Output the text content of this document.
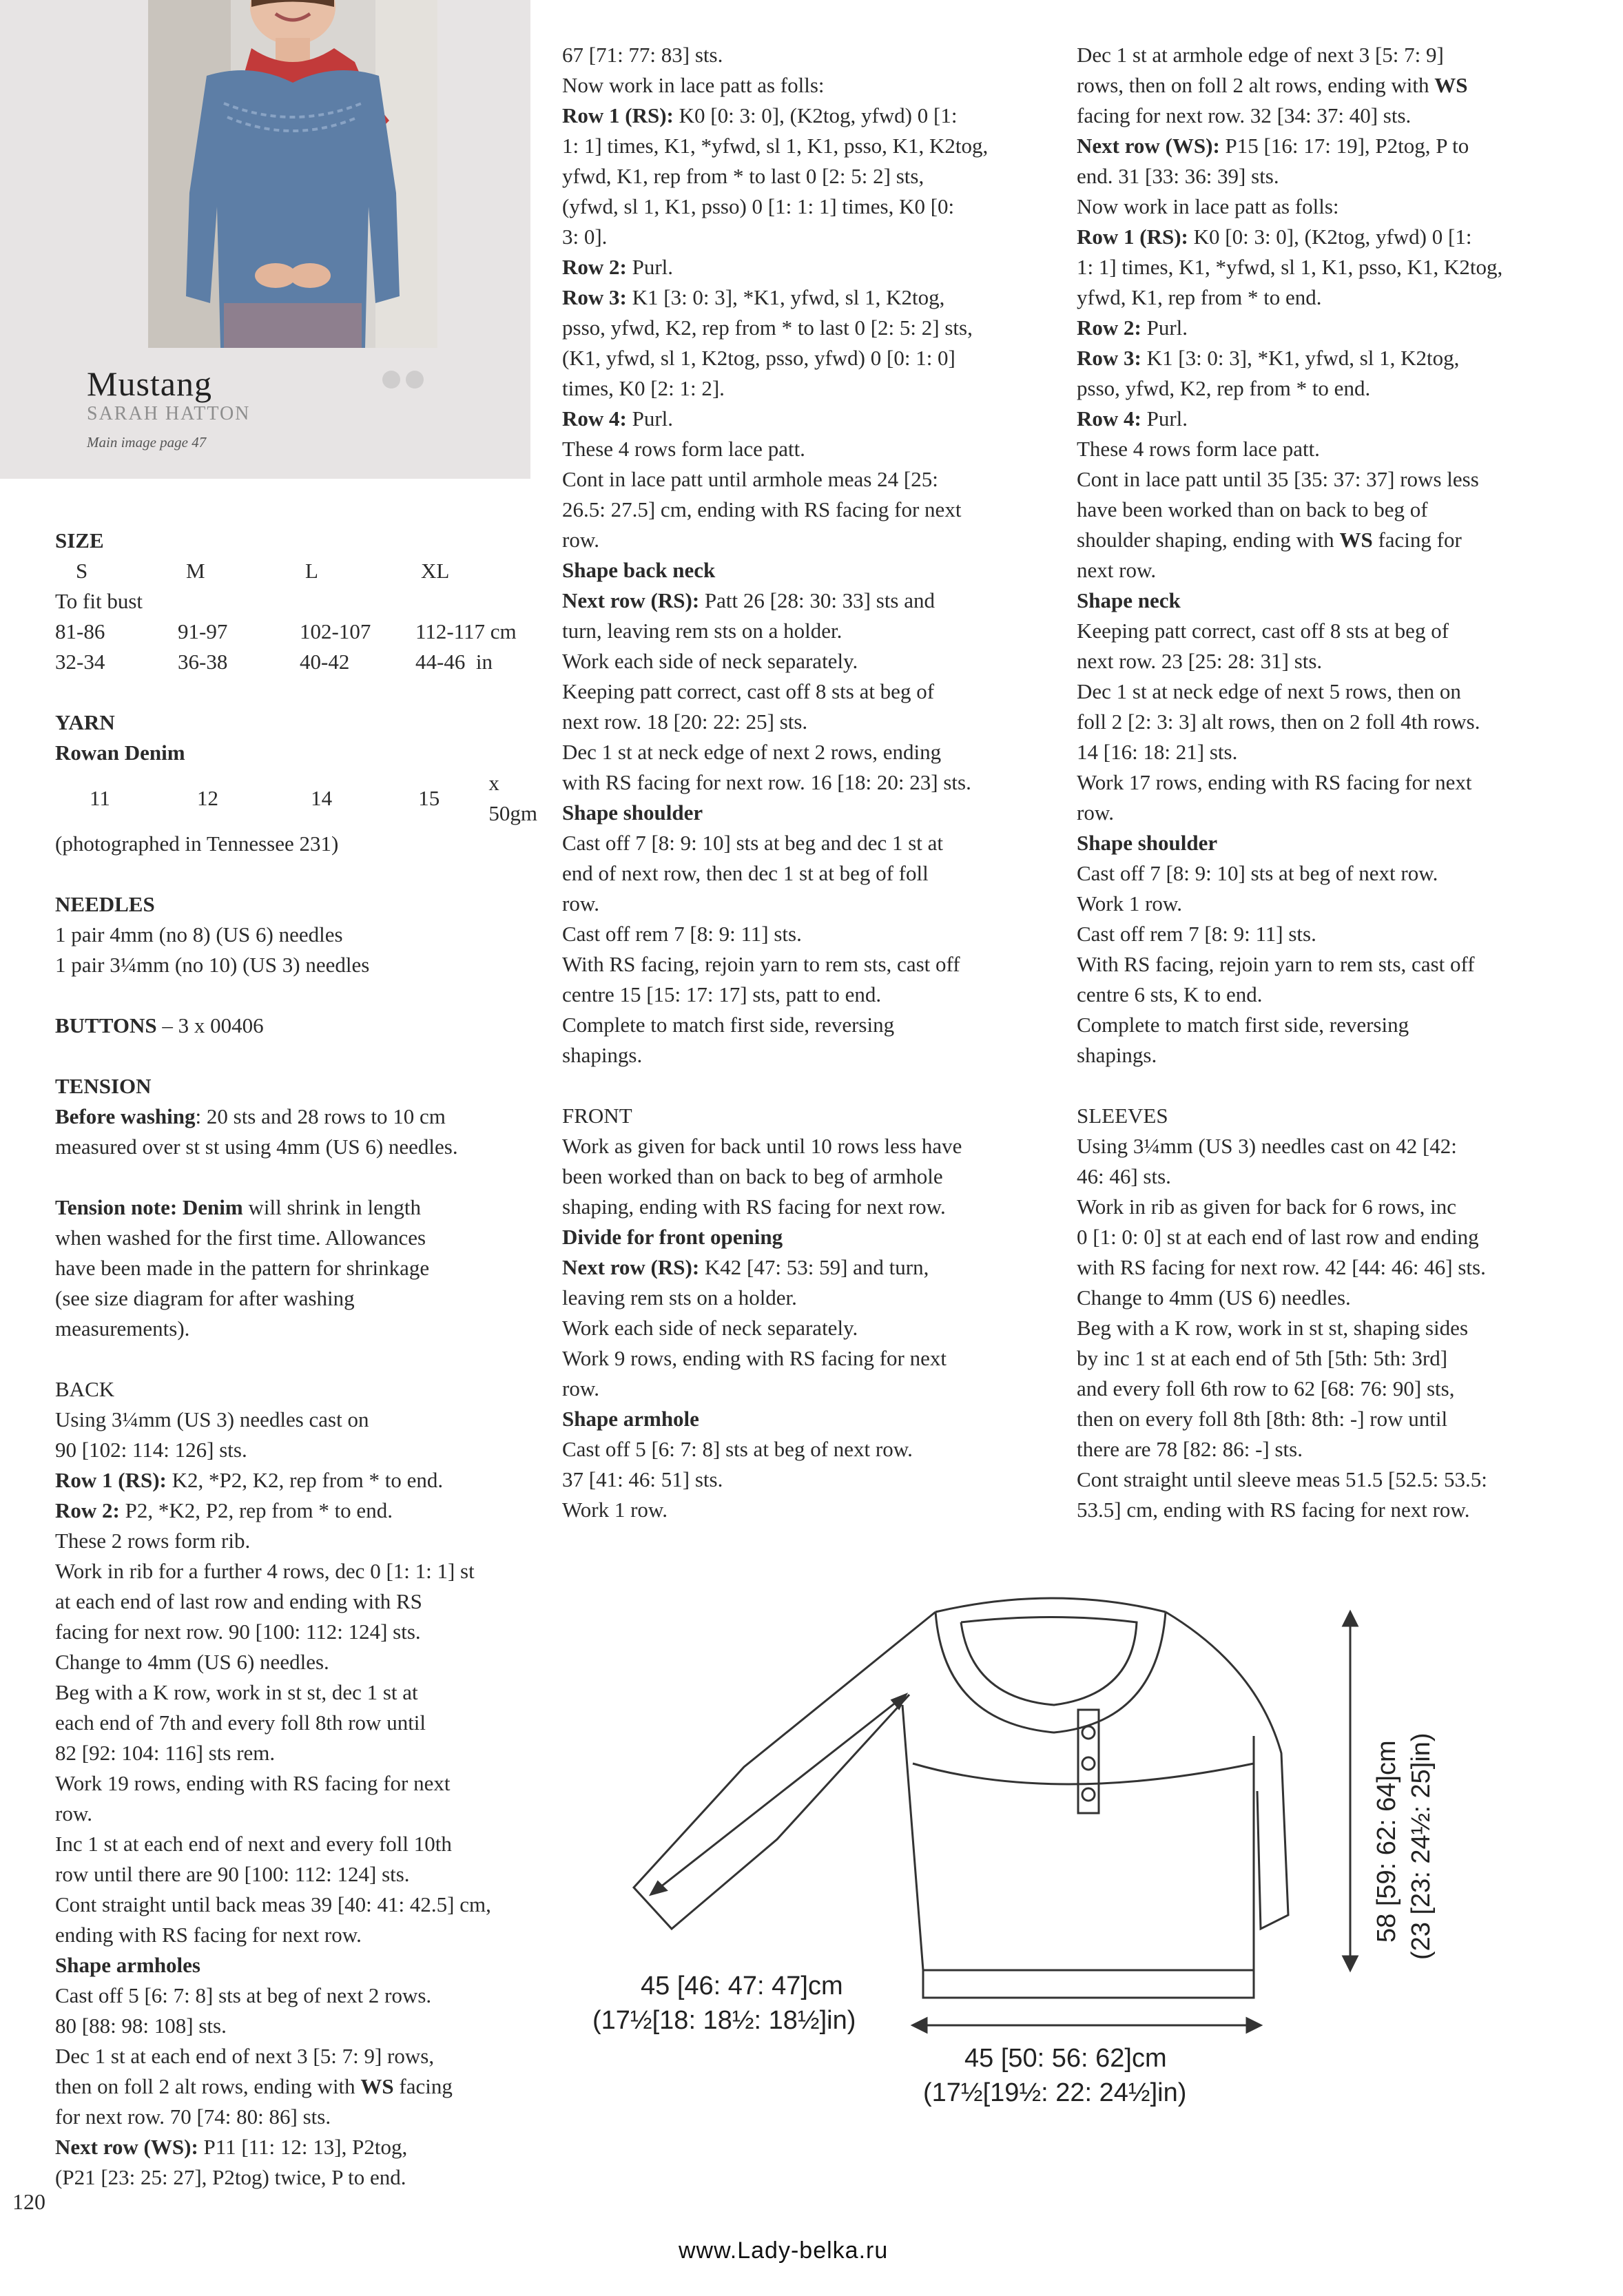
Mustang
SARAH HATTON
Main image page 47

SIZE

S	M	L	XL
To fit bust			
81-86	91-97	102-107	112-117 cm
32-34	36-38	40-42	44-46 in

YARN

Rowan Denim

11	12	14	15	x 50gm

(photographed in Tennessee 231)

NEEDLES

1 pair 4mm (no 8) (US 6) needles

1 pair 3¼mm (no 10) (US 3) needles

BUTTONS – 3 x 00406

TENSION

Before washing: 20 sts and 28 rows to 10 cm

measured over st st using 4mm (US 6) needles.

Tension note: Denim will shrink in length

when washed for the first time. Allowances

have been made in the pattern for shrinkage

(see size diagram for after washing

measurements).

BACK

Using 3¼mm (US 3) needles cast on

90 [102: 114: 126] sts.

Row 1 (RS): K2, *P2, K2, rep from * to end.

Row 2: P2, *K2, P2, rep from * to end.

These 2 rows form rib.

Work in rib for a further 4 rows, dec 0 [1: 1: 1] st

at each end of last row and ending with RS

facing for next row. 90 [100: 112: 124] sts.

Change to 4mm (US 6) needles.

Beg with a K row, work in st st, dec 1 st at

each end of 7th and every foll 8th row until

82 [92: 104: 116] sts rem.

Work 19 rows, ending with RS facing for next

row.

Inc 1 st at each end of next and every foll 10th

row until there are 90 [100: 112: 124] sts.

Cont straight until back meas 39 [40: 41: 42.5] cm,

ending with RS facing for next row.

Shape armholes

Cast off 5 [6: 7: 8] sts at beg of next 2 rows.

80 [88: 98: 108] sts.

Dec 1 st at each end of next 3 [5: 7: 9] rows,

then on foll 2 alt rows, ending with WS facing

for next row. 70 [74: 80: 86] sts.

Next row (WS): P11 [11: 12: 13], P2tog,

(P21 [23: 25: 27], P2tog) twice, P to end.

67 [71: 77: 83] sts.

Now work in lace patt as folls:

Row 1 (RS): K0 [0: 3: 0], (K2tog, yfwd) 0 [1:

1: 1] times, K1, *yfwd, sl 1, K1, psso, K1, K2tog,

yfwd, K1, rep from * to last 0 [2: 5: 2] sts,

(yfwd, sl 1, K1, psso) 0 [1: 1: 1] times, K0 [0:

3: 0].

Row 2: Purl.

Row 3: K1 [3: 0: 3], *K1, yfwd, sl 1, K2tog,

psso, yfwd, K2, rep from * to last 0 [2: 5: 2] sts,

(K1, yfwd, sl 1, K2tog, psso, yfwd) 0 [0: 1: 0]

times, K0 [2: 1: 2].

Row 4: Purl.

These 4 rows form lace patt.

Cont in lace patt until armhole meas 24 [25:

26.5: 27.5] cm, ending with RS facing for next

row.

Shape back neck

Next row (RS): Patt 26 [28: 30: 33] sts and

turn, leaving rem sts on a holder.

Work each side of neck separately.

Keeping patt correct, cast off 8 sts at beg of

next row. 18 [20: 22: 25] sts.

Dec 1 st at neck edge of next 2 rows, ending

with RS facing for next row. 16 [18: 20: 23] sts.

Shape shoulder

Cast off 7 [8: 9: 10] sts at beg and dec 1 st at

end of next row, then dec 1 st at beg of foll

row.

Cast off rem 7 [8: 9: 11] sts.

With RS facing, rejoin yarn to rem sts, cast off

centre 15 [15: 17: 17] sts, patt to end.

Complete to match first side, reversing

shapings.

FRONT

Work as given for back until 10 rows less have

been worked than on back to beg of armhole

shaping, ending with RS facing for next row.

Divide for front opening

Next row (RS): K42 [47: 53: 59] and turn,

leaving rem sts on a holder.

Work each side of neck separately.

Work 9 rows, ending with RS facing for next

row.

Shape armhole

Cast off 5 [6: 7: 8] sts at beg of next row.

37 [41: 46: 51] sts.

Work 1 row.

Dec 1 st at armhole edge of next 3 [5: 7: 9]

rows, then on foll 2 alt rows, ending with WS

facing for next row. 32 [34: 37: 40] sts.

Next row (WS): P15 [16: 17: 19], P2tog, P to

end. 31 [33: 36: 39] sts.

Now work in lace patt as folls:

Row 1 (RS): K0 [0: 3: 0], (K2tog, yfwd) 0 [1:

1: 1] times, K1, *yfwd, sl 1, K1, psso, K1, K2tog,

yfwd, K1, rep from * to end.

Row 2: Purl.

Row 3: K1 [3: 0: 3], *K1, yfwd, sl 1, K2tog,

psso, yfwd, K2, rep from * to end.

Row 4: Purl.

These 4 rows form lace patt.

Cont in lace patt until 35 [35: 37: 37] rows less

have been worked than on back to beg of

shoulder shaping, ending with WS facing for

next row.

Shape neck

Keeping patt correct, cast off 8 sts at beg of

next row. 23 [25: 28: 31] sts.

Dec 1 st at neck edge of next 5 rows, then on

foll 2 [2: 3: 3] alt rows, then on 2 foll 4th rows.

14 [16: 18: 21] sts.

Work 17 rows, ending with RS facing for next

row.

Shape shoulder

Cast off 7 [8: 9: 10] sts at beg of next row.

Work 1 row.

Cast off rem 7 [8: 9: 11] sts.

With RS facing, rejoin yarn to rem sts, cast off

centre 6 sts, K to end.

Complete to match first side, reversing

shapings.

SLEEVES

Using 3¼mm (US 3) needles cast on 42 [42:

46: 46] sts.

Work in rib as given for back for 6 rows, inc

0 [1: 0: 0] st at each end of last row and ending

with RS facing for next row. 42 [44: 46: 46] sts.

Change to 4mm (US 6) needles.

Beg with a K row, work in st st, shaping sides

by inc 1 st at each end of 5th [5th: 5th: 3rd]

and every foll 6th row to 62 [68: 76: 90] sts,

then on every foll 8th [8th: 8th: -] row until

there are 78 [82: 86: -] sts.

Cont straight until sleeve meas 51.5 [52.5: 53.5:

53.5] cm, ending with RS facing for next row.

45 [46: 47: 47]cm
(17½[18: 18½: 18½]in)
45 [50: 56: 62]cm
(17½[19½: 22: 24½]in)
58 [59: 62: 64]cm (23 [23: 24½: 25]in)
120
www.Lady-belka.ru
